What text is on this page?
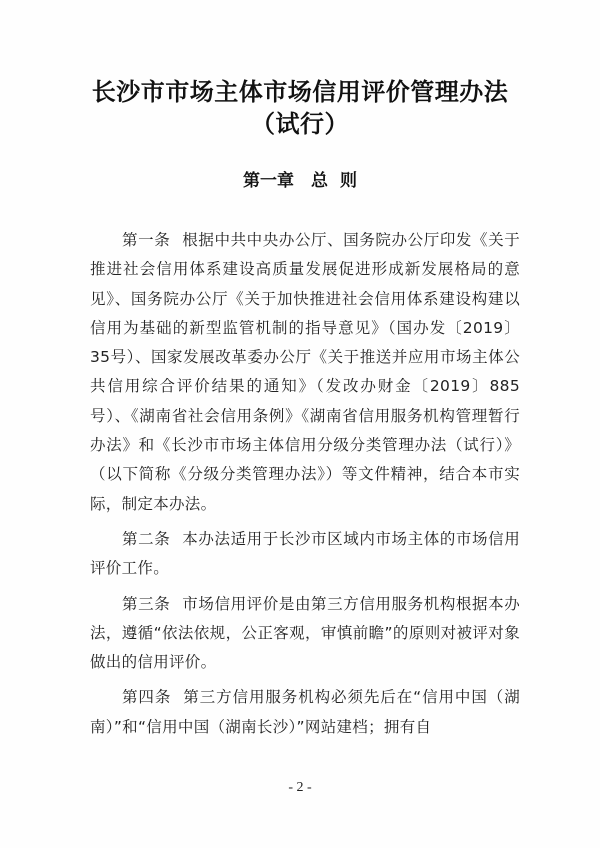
长沙市市场主体市场信用评价管理办法
（试行）
第一章　总 则

第一条 根据中共中央办公厅、国务院办公厅印发《关于推进社会信用体系建设高质量发展促进形成新发展格局的意见》、国务院办公厅《关于加快推进社会信用体系建设构建以信用为基础的新型监管机制的指导意见》（国办发〔2019〕35号）、国家发展改革委办公厅《关于推送并应用市场主体公共信用综合评价结果的通知》（发改办财金〔2019〕885号）、《湖南省社会信用条例》《湖南省信用服务机构管理暂行办法》和《长沙市市场主体信用分级分类管理办法（试行）》（以下简称《分级分类管理办法》）等文件精神，结合本市实际，制定本办法。

第二条 本办法适用于长沙市区域内市场主体的市场信用评价工作。

第三条 市场信用评价是由第三方信用服务机构根据本办法，遵循“依法依规，公正客观，审慎前瞻”的原则对被评对象做出的信用评价。

第四条 第三方信用服务机构必须先后在“信用中国（湖南）”和“信用中国（湖南长沙）”网站建档；拥有自

- 2 -
